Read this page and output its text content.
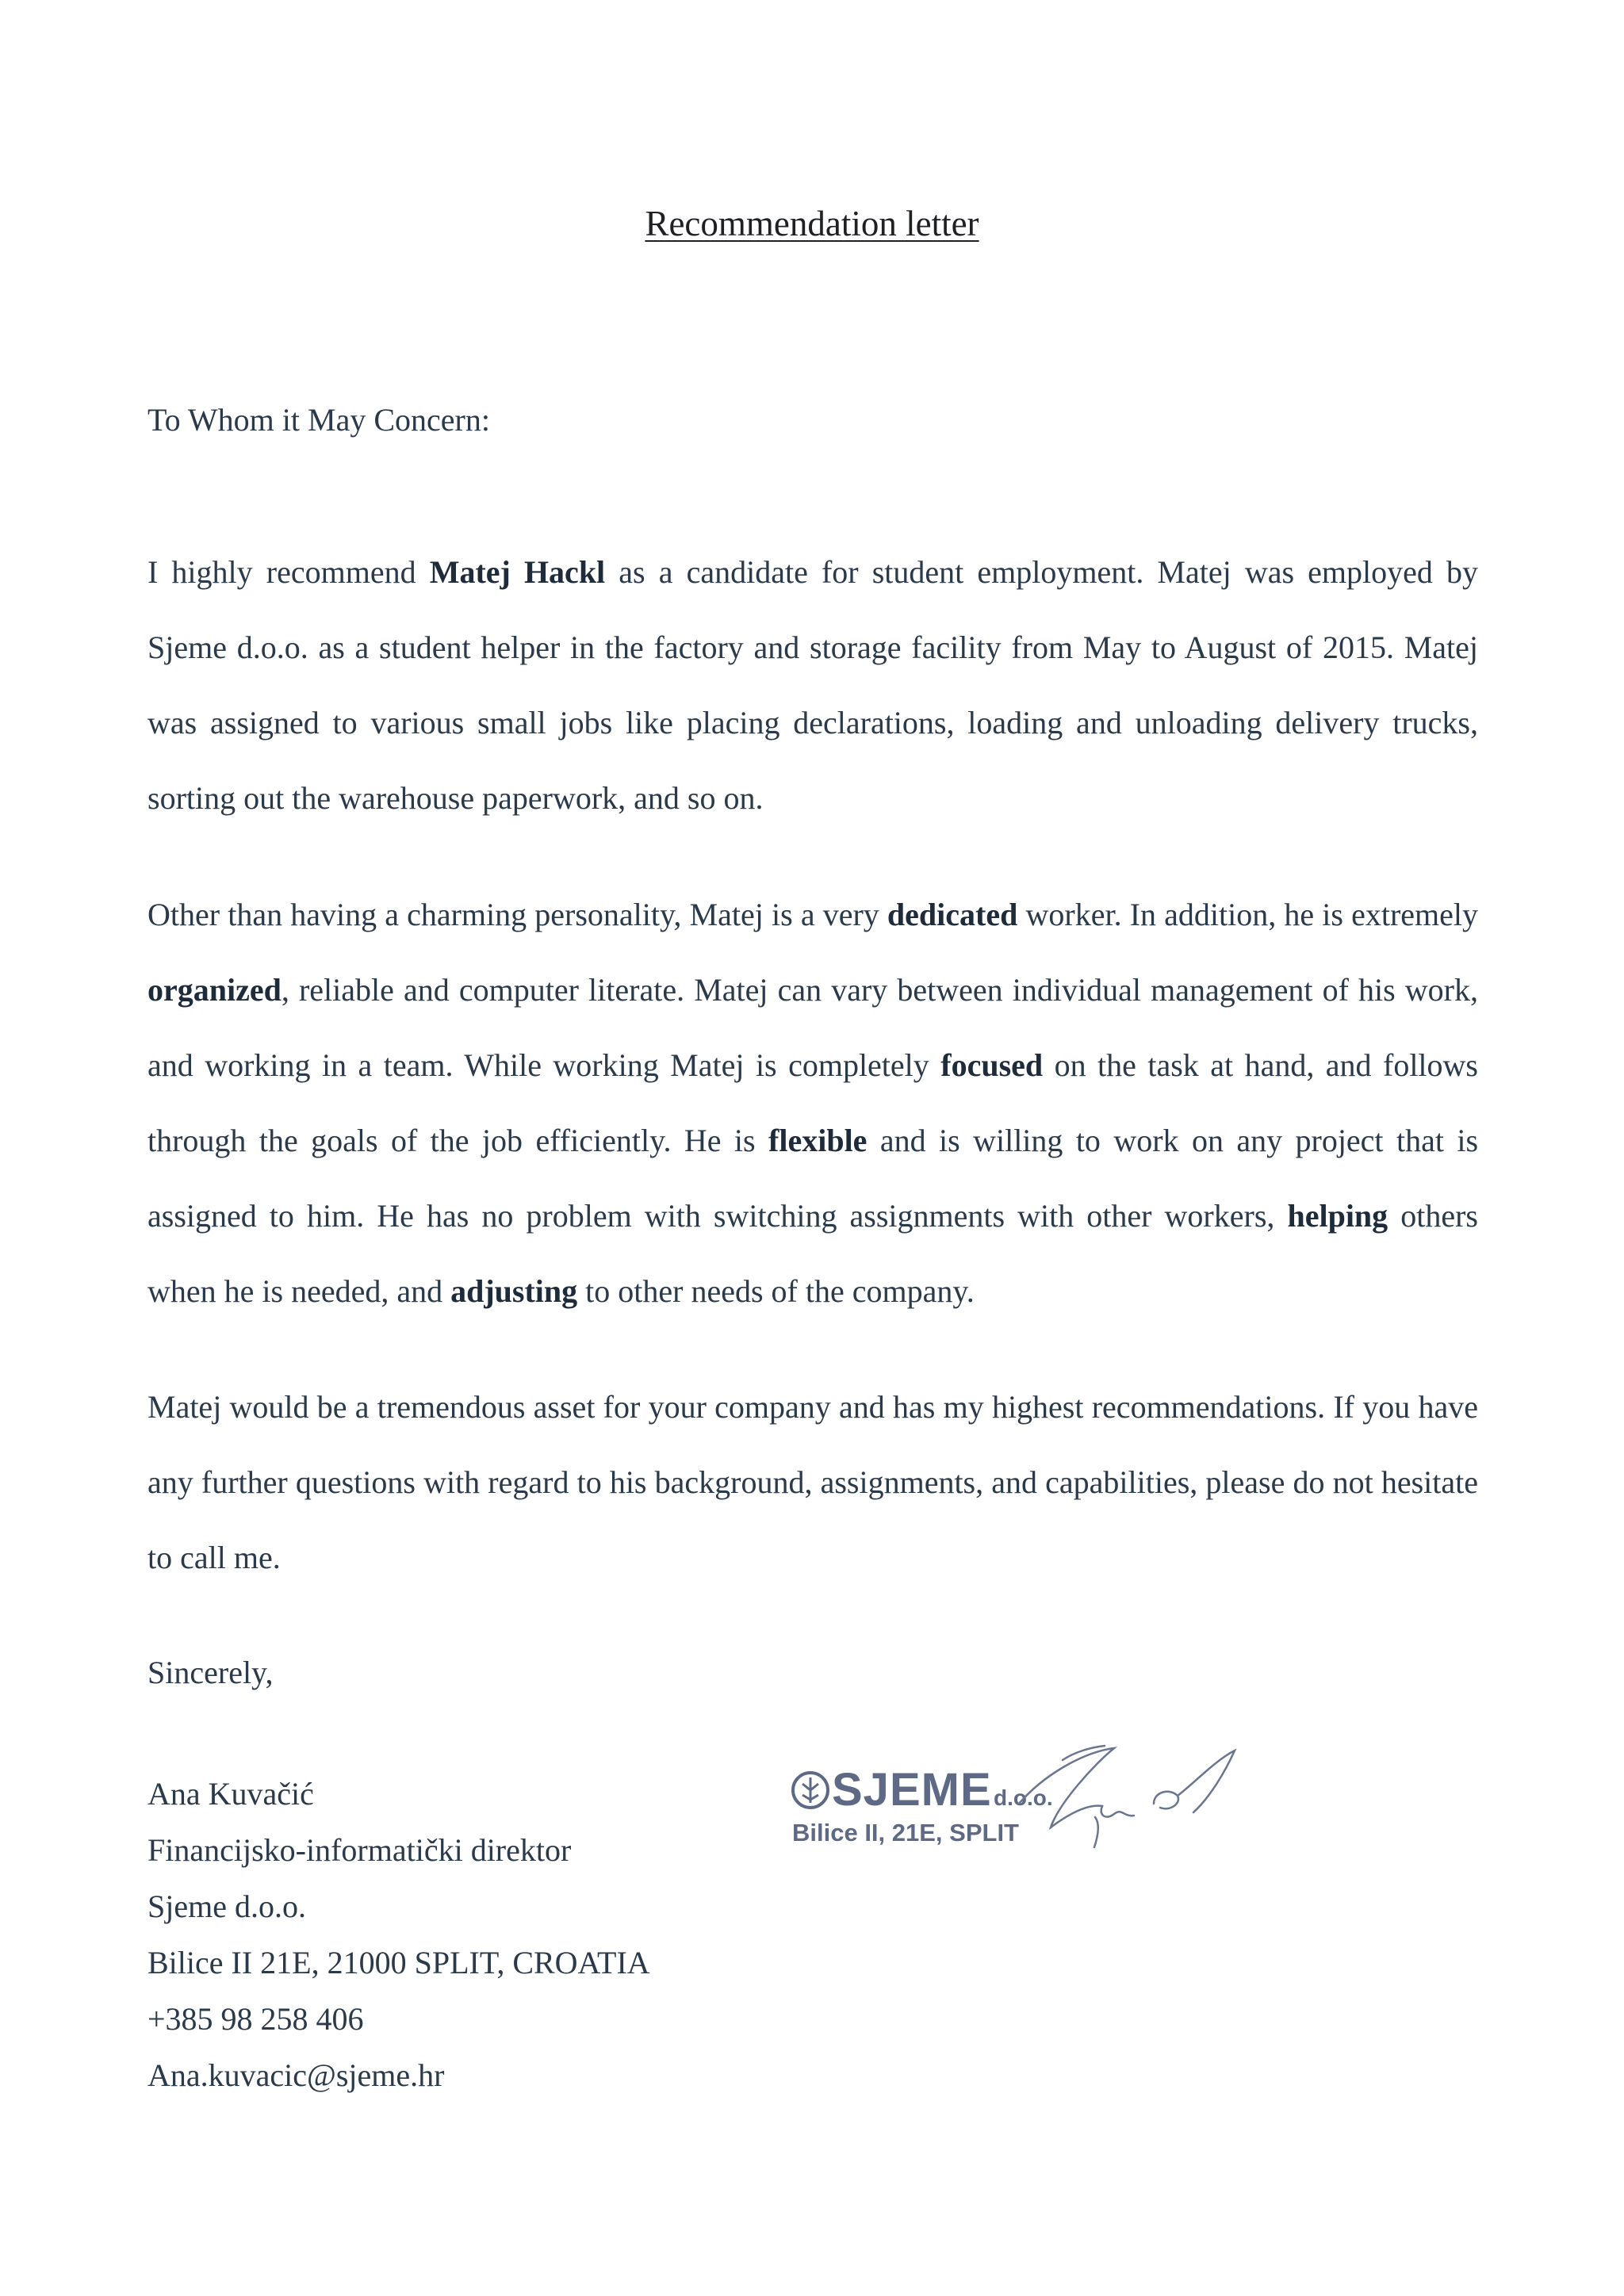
Recommendation letter
To Whom it May Concern:

I highly recommend Matej Hackl as a candidate for student employment. Matej was employed by Sjeme d.o.o. as a student helper in the factory and storage facility from May to August of 2015. Matej was assigned to various small jobs like placing declarations, loading and unloading delivery trucks, sorting out the warehouse paperwork, and so on.

Other than having a charming personality, Matej is a very dedicated worker. In addition, he is extremely organized, reliable and computer literate. Matej can vary between individual management of his work, and working in a team. While working Matej is completely focused on the task at hand, and follows through the goals of the job efficiently. He is flexible and is willing to work on any project that is assigned to him. He has no problem with switching assignments with other workers, helping others when he is needed, and adjusting to other needs of the company.

Matej would be a tremendous asset for your company and has my highest recommendations. If you have any further questions with regard to his background, assignments, and capabilities, please do not hesitate to call me.

Sincerely,
Ana Kuvačić
Financijsko-informatički direktor
Sjeme d.o.o.
Bilice II 21E, 21000 SPLIT, CROATIA
+385 98 258 406
Ana.kuvacic@sjeme.hr
SJEME d.o.o.
Bilice II, 21E, SPLIT
